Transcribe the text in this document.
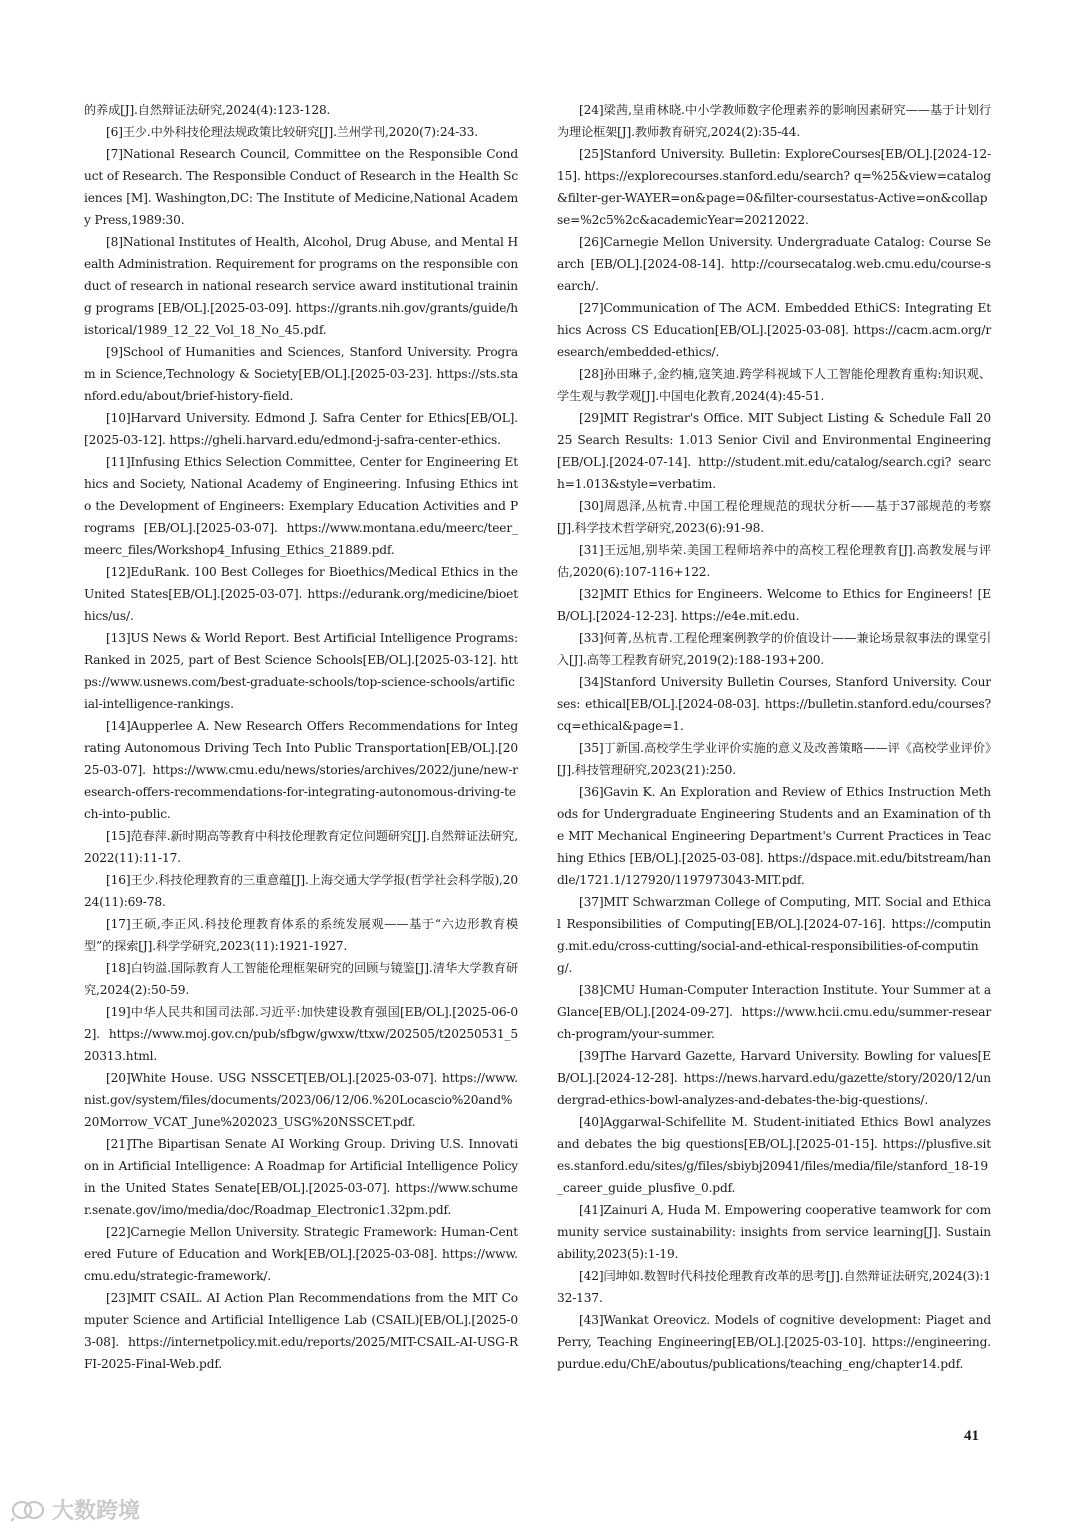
的养成[J].自然辩证法研究,2024(4):123-128.

[6]王少.中外科技伦理法规政策比较研究[J].兰州学刊,2020(7):24-33.

[7]National Research Council, Committee on the Responsible Conduct of Research. The Responsible Conduct of Research in the Health Sciences [M]. Washington,DC: The Institute of Medicine,National Academy Press,1989:30.

[8]National Institutes of Health, Alcohol, Drug Abuse, and Mental Health Administration. Requirement for programs on the responsible conduct of research in national research service award institutional training programs [EB/OL].[2025-03-09]. https://grants.nih.gov/grants/guide/historical/1989_12_22_Vol_18_No_45.pdf.

[9]School of Humanities and Sciences, Stanford University. Program in Science,Technology & Society[EB/OL].[2025-03-23]. https://sts.stanford.edu/about/brief-history-field.

[10]Harvard University. Edmond J. Safra Center for Ethics[EB/OL].[2025-03-12]. https://gheli.harvard.edu/edmond-j-safra-center-ethics.

[11]Infusing Ethics Selection Committee, Center for Engineering Ethics and Society, National Academy of Engineering. Infusing Ethics into the Development of Engineers: Exemplary Education Activities and Programs [EB/OL].[2025-03-07]. https://www.montana.edu/meerc/teer_meerc_files/Workshop4_Infusing_Ethics_21889.pdf.

[12]EduRank. 100 Best Colleges for Bioethics/Medical Ethics in the United States[EB/OL].[2025-03-07]. https://edurank.org/medicine/bioethics/us/.

[13]US News & World Report. Best Artificial Intelligence Programs: Ranked in 2025, part of Best Science Schools[EB/OL].[2025-03-12]. https://www.usnews.com/best-graduate-schools/top-science-schools/artificial-intelligence-rankings.

[14]Aupperlee A. New Research Offers Recommendations for Integrating Autonomous Driving Tech Into Public Transportation[EB/OL].[2025-03-07]. https://www.cmu.edu/news/stories/archives/2022/june/new-research-offers-recommendations-for-integrating-autonomous-driving-tech-into-public.

[15]范春萍.新时期高等教育中科技伦理教育定位问题研究[J].自然辩证法研究,2022(11):11-17.

[16]王少.科技伦理教育的三重意蕴[J].上海交通大学学报(哲学社会科学版),2024(11):69-78.

[17]王硕,李正风.科技伦理教育体系的系统发展观——基于“六边形教育模型”的探索[J].科学学研究,2023(11):1921-1927.

[18]白钧溢.国际教育人工智能伦理框架研究的回顾与镜鉴[J].清华大学教育研究,2024(2):50-59.

[19]中华人民共和国司法部.习近平:加快建设教育强国[EB/OL].[2025-06-02]. https://www.moj.gov.cn/pub/sfbgw/gwxw/ttxw/202505/t20250531_520313.html.

[20]White House. USG NSSCET[EB/OL].[2025-03-07]. https://www.nist.gov/system/files/documents/2023/06/12/06.%20Locascio%20and%20Morrow_VCAT_June%202023_USG%20NSSCET.pdf.

[21]The Bipartisan Senate AI Working Group. Driving U.S. Innovation in Artificial Intelligence: A Roadmap for Artificial Intelligence Policy in the United States Senate[EB/OL].[2025-03-07]. https://www.schumer.senate.gov/imo/media/doc/Roadmap_Electronic1.32pm.pdf.

[22]Carnegie Mellon University. Strategic Framework: Human-Centered Future of Education and Work[EB/OL].[2025-03-08]. https://www.cmu.edu/strategic-framework/.

[23]MIT CSAIL. AI Action Plan Recommendations from the MIT Computer Science and Artificial Intelligence Lab (CSAIL)[EB/OL].[2025-03-08]. https://internetpolicy.mit.edu/reports/2025/MIT-CSAIL-AI-USG-RFI-2025-Final-Web.pdf.

[24]梁茜,皇甫林晓.中小学教师数字伦理素养的影响因素研究——基于计划行为理论框架[J].教师教育研究,2024(2):35-44.

[25]Stanford University. Bulletin: ExploreCourses[EB/OL].[2024-12-15]. https://explorecourses.stanford.edu/search? q=%25&view=catalog&filter-ger-WAYER=on&page=0&filter-coursestatus-Active=on&collapse=%2c5%2c&academicYear=20212022.

[26]Carnegie Mellon University. Undergraduate Catalog: Course Search [EB/OL].[2024-08-14]. http://coursecatalog.web.cmu.edu/course-search/.

[27]Communication of The ACM. Embedded EthiCS: Integrating Ethics Across CS Education[EB/OL].[2025-03-08]. https://cacm.acm.org/research/embedded-ethics/.

[28]孙田琳子,金约楠,寇笑迪.跨学科视域下人工智能伦理教育重构:知识观、学生观与教学观[J].中国电化教育,2024(4):45-51.

[29]MIT Registrar's Office. MIT Subject Listing & Schedule Fall 2025 Search Results: 1.013 Senior Civil and Environmental Engineering [EB/OL].[2024-07-14]. http://student.mit.edu/catalog/search.cgi? search=1.013&style=verbatim.

[30]周恩泽,丛杭青.中国工程伦理规范的现状分析——基于37部规范的考察[J].科学技术哲学研究,2023(6):91-98.

[31]王远旭,别毕荣.美国工程师培养中的高校工程伦理教育[J].高教发展与评估,2020(6):107-116+122.

[32]MIT Ethics for Engineers. Welcome to Ethics for Engineers! [EB/OL].[2024-12-23]. https://e4e.mit.edu.

[33]何菁,丛杭青.工程伦理案例教学的价值设计——兼论场景叙事法的课堂引入[J].高等工程教育研究,2019(2):188-193+200.

[34]Stanford University Bulletin Courses, Stanford University. Courses: ethical[EB/OL].[2024-08-03]. https://bulletin.stanford.edu/courses? cq=ethical&page=1.

[35]丁新国.高校学生学业评价实施的意义及改善策略——评《高校学业评价》[J].科技管理研究,2023(21):250.

[36]Gavin K. An Exploration and Review of Ethics Instruction Methods for Undergraduate Engineering Students and an Examination of the MIT Mechanical Engineering Department's Current Practices in Teaching Ethics [EB/OL].[2025-03-08]. https://dspace.mit.edu/bitstream/handle/1721.1/127920/1197973043-MIT.pdf.

[37]MIT Schwarzman College of Computing, MIT. Social and Ethical Responsibilities of Computing[EB/OL].[2024-07-16]. https://computing.mit.edu/cross-cutting/social-and-ethical-responsibilities-of-computing/.

[38]CMU Human-Computer Interaction Institute. Your Summer at a Glance[EB/OL].[2024-09-27]. https://www.hcii.cmu.edu/summer-research-program/your-summer.

[39]The Harvard Gazette, Harvard University. Bowling for values[EB/OL].[2024-12-28]. https://news.harvard.edu/gazette/story/2020/12/undergrad-ethics-bowl-analyzes-and-debates-the-big-questions/.

[40]Aggarwal-Schifellite M. Student-initiated Ethics Bowl analyzes and debates the big questions[EB/OL].[2025-01-15]. https://plusfive.sites.stanford.edu/sites/g/files/sbiybj20941/files/media/file/stanford_18-19_career_guide_plusfive_0.pdf.

[41]Zainuri A, Huda M. Empowering cooperative teamwork for community service sustainability: insights from service learning[J]. Sustainability,2023(5):1-19.

[42]闫坤如.数智时代科技伦理教育改革的思考[J].自然辩证法研究,2024(3):132-137.

[43]Wankat Oreovicz. Models of cognitive development: Piaget and Perry, Teaching Engineering[EB/OL].[2025-03-10]. https://engineering.purdue.edu/ChE/aboutus/publications/teaching_eng/chapter14.pdf.

41
大数跨境
